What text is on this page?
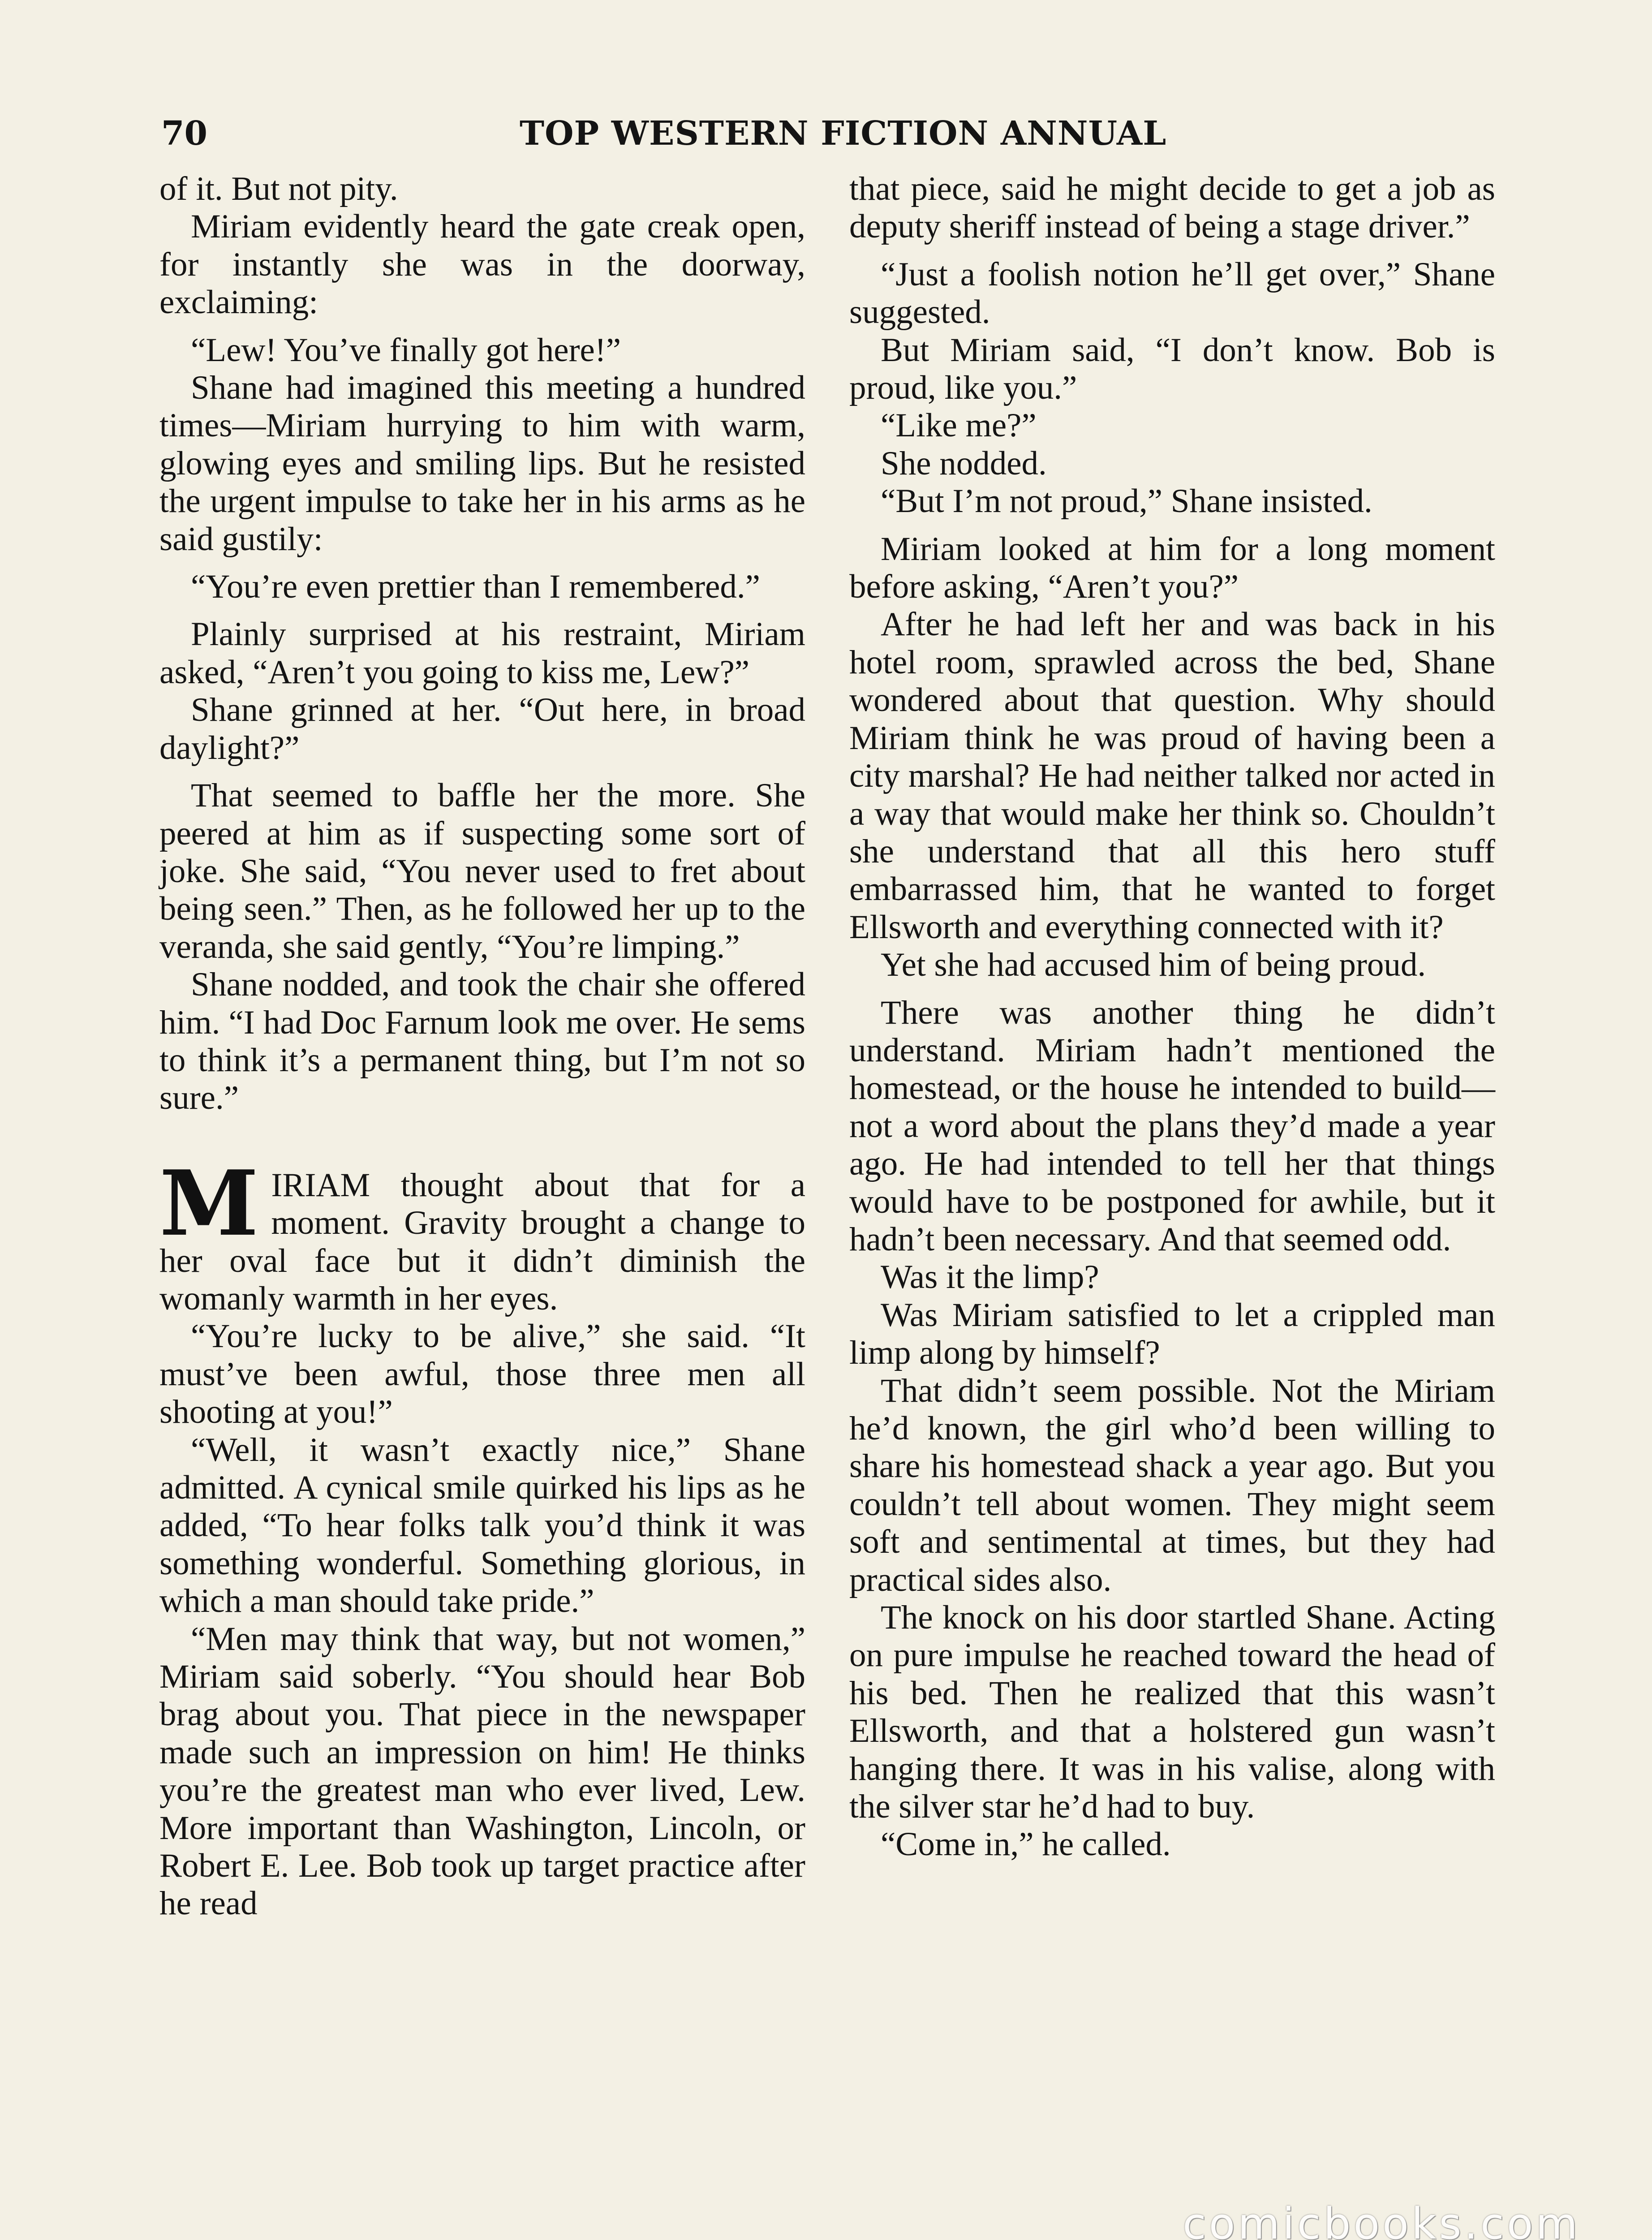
70	TOP WESTERN FICTION ANNUAL

of it. But not pity.

Miriam evidently heard the gate creak open, for instantly she was in the doorway, exclaiming:

“Lew! You’ve finally got here!”

Shane had imagined this meeting a hundred times—Miriam hurrying to him with warm, glowing eyes and smiling lips. But he resisted the urgent impulse to take her in his arms as he said gustily:

“You’re even prettier than I remembered.”

Plainly surprised at his restraint, Miriam asked, “Aren’t you going to kiss me, Lew?”

Shane grinned at her. “Out here, in broad daylight?”

That seemed to baffle her the more. She peered at him as if suspecting some sort of joke. She said, “You never used to fret about being seen.” Then, as he followed her up to the veranda, she said gently, “You’re limping.”

Shane nodded, and took the chair she offered him. “I had Doc Farnum look me over. He sems to think it’s a permanent thing, but I’m not so sure.”

MIRIAM thought about that for a moment. Gravity brought a change to her oval face but it didn’t diminish the womanly warmth in her eyes.

“You’re lucky to be alive,” she said. “It must’ve been awful, those three men all shooting at you!”

“Well, it wasn’t exactly nice,” Shane admitted. A cynical smile quirked his lips as he added, “To hear folks talk you’d think it was something wonderful. Something glorious, in which a man should take pride.”

“Men may think that way, but not women,” Miriam said soberly. “You should hear Bob brag about you. That piece in the newspaper made such an impression on him! He thinks you’re the greatest man who ever lived, Lew. More important than Washington, Lincoln, or Robert E. Lee. Bob took up target practice after he read

that piece, said he might decide to get a job as deputy sheriff instead of being a stage driver.”

“Just a foolish notion he’ll get over,” Shane suggested.

But Miriam said, “I don’t know. Bob is proud, like you.”

“Like me?”

She nodded.

“But I’m not proud,” Shane insisted.

Miriam looked at him for a long moment before asking, “Aren’t you?”

After he had left her and was back in his hotel room, sprawled across the bed, Shane wondered about that question. Why should Miriam think he was proud of having been a city marshal? He had neither talked nor acted in a way that would make her think so. Chouldn’t she understand that all this hero stuff embarrassed him, that he wanted to forget Ellsworth and everything connected with it?

Yet she had accused him of being proud.

There was another thing he didn’t understand. Miriam hadn’t mentioned the homestead, or the house he intended to build—not a word about the plans they’d made a year ago. He had intended to tell her that things would have to be postponed for awhile, but it hadn’t been necessary. And that seemed odd.

Was it the limp?

Was Miriam satisfied to let a crippled man limp along by himself?

That didn’t seem possible. Not the Miriam he’d known, the girl who’d been willing to share his homestead shack a year ago. But you couldn’t tell about women. They might seem soft and sentimental at times, but they had practical sides also.

The knock on his door startled Shane. Acting on pure impulse he reached toward the head of his bed. Then he realized that this wasn’t Ellsworth, and that a holstered gun wasn’t hanging there. It was in his valise, along with the silver star he’d had to buy.

“Come in,” he called.

comicbooks.com
